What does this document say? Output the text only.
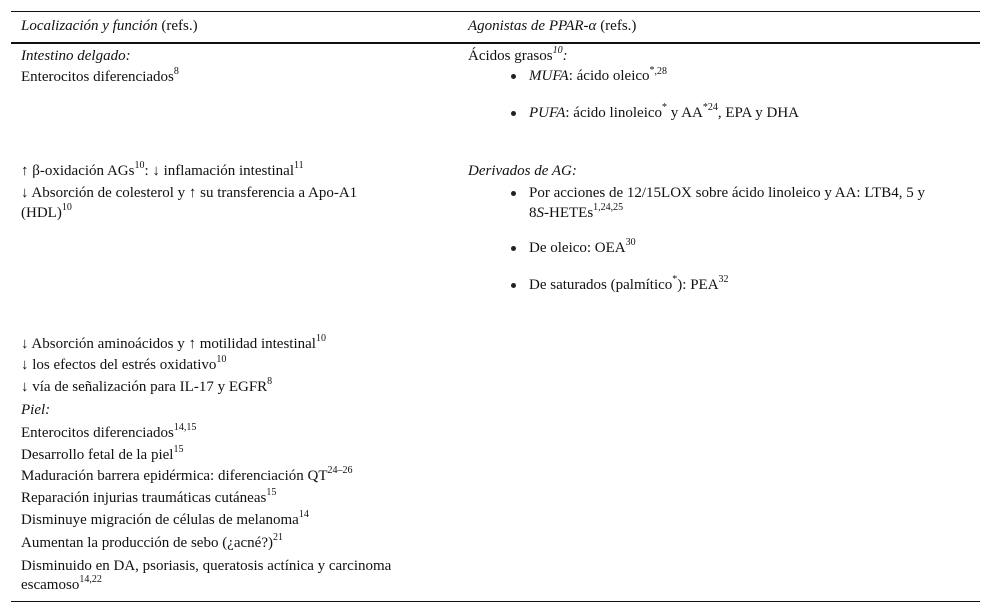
Localización y función (refs.)	Agonistas de PPAR-α (refs.)
Intestino delgado:
Enterocitos diferenciados$^8$
↑ β-oxidación AGs$^{10}$: ↓ inflamación intestinal$^{11}$
↓ Absorción de colesterol y ↑ su transferencia a Apo-A1
(HDL)$^{10}$
↓ Absorción aminoácidos y ↑ motilidad intestinal$^{10}$
↓ los efectos del estrés oxidativo$^{10}$
↓ vía de señalización para IL-17 y EGFR$^8$
Piel:
Enterocitos diferenciados$^{14,15}$
Desarrollo fetal de la piel$^{15}$
Maduración barrera epidérmica: diferenciación QT$^{24-26}$
Reparación injurias traumáticas cutáneas$^{15}$
Disminuye migración de células de melanoma$^{14}$
Aumentan la producción de sebo (¿acné?)$^{21}$
Disminuido en DA, psoriasis, queratosis actínica y carcinoma
escamoso$^{14,22}$
Ácidos grasos$^{10}$:
MUFA: ácido oleico$^{*,28}$
PUFA: ácido linoleico* y AA$^{*24}$, EPA y DHA
Derivados de AG:
Por acciones de 12/15LOX sobre ácido linoleico y AA: LTB4, 5 y
8S-HETEs$^{1,24,25}$
De oleico: OEA$^{30}$
De saturados (palmítico*): PEA$^{32}$
